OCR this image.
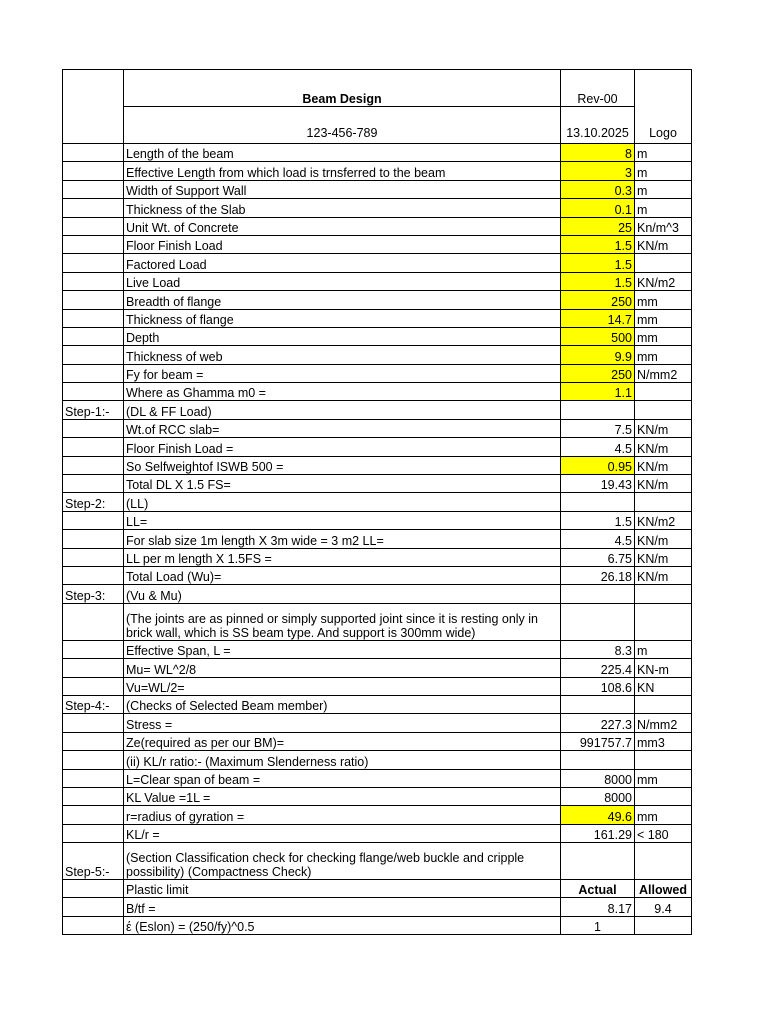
	Beam Design	Rev-00	Logo
	123-456-789	13.10.2025	
	Length of the beam	8	m
	Effective Length from which load is trnsferred to the beam	3	m
	Width of Support Wall	0.3	m
	Thickness of the Slab	0.1	m
	Unit Wt. of Concrete	25	Kn/m^3
	Floor Finish Load	1.5	KN/m
	Factored Load	1.5	
	Live Load	1.5	KN/m2
	Breadth of flange	250	mm
	Thickness of flange	14.7	mm
	Depth	500	mm
	Thickness of web	9.9	mm
	Fy for beam =	250	N/mm2
	Where as Ghamma m0 =	1.1	
Step-1:-	(DL & FF Load)		
	Wt.of RCC slab=	7.5	KN/m
	Floor Finish Load =	4.5	KN/m
	So Selfweightof ISWB 500 =	0.95	KN/m
	Total DL X 1.5 FS=	19.43	KN/m
Step-2:	(LL)		
	LL=	1.5	KN/m2
	For slab size 1m length X 3m wide = 3 m2 LL=	4.5	KN/m
	LL per m length X 1.5FS =	6.75	KN/m
	Total Load (Wu)=	26.18	KN/m
Step-3:	(Vu & Mu)		
	(The joints are as pinned or simply supported joint since it is resting only in brick wall, which is SS beam type. And support is 300mm wide)		
	Effective Span, L =	8.3	m
	Mu= WL^2/8	225.4	KN-m
	Vu=WL/2=	108.6	KN
Step-4:-	(Checks of Selected Beam member)		
	Stress =	227.3	N/mm2
	Ze(required as per our BM)=	991757.7	mm3
	(ii) KL/r ratio:- (Maximum Slenderness ratio)		
	L=Clear span of beam =	8000	mm
	KL Value =1L =	8000	
	r=radius of gyration =	49.6	mm
	KL/r =	161.29	< 180
Step-5:-	(Section Classification check for checking flange/web buckle and cripple possibility) (Compactness Check)		
	Plastic limit	Actual	Allowed
	B/tf =	8.17	9.4
	έ (Eslon) = (250/fy)^0.5	1	
